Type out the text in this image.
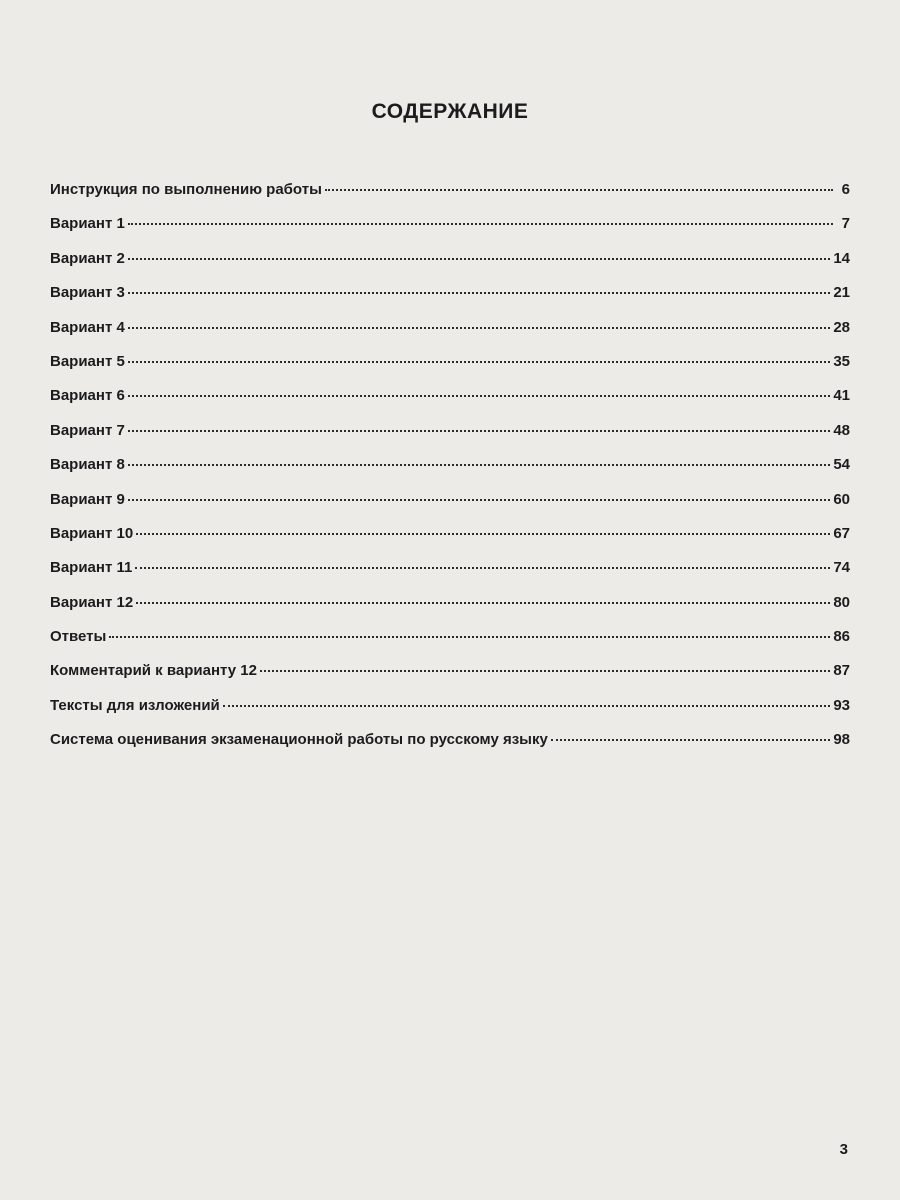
СОДЕРЖАНИЕ
Инструкция по выполнению работы	6
Вариант 1	7
Вариант 2	14
Вариант 3	21
Вариант 4	28
Вариант 5	35
Вариант 6	41
Вариант 7	48
Вариант 8	54
Вариант 9	60
Вариант 10	67
Вариант 11	74
Вариант 12	80
Ответы	86
Комментарий к варианту 12	87
Тексты для изложений	93
Система оценивания экзаменационной работы по русскому языку	98
3
